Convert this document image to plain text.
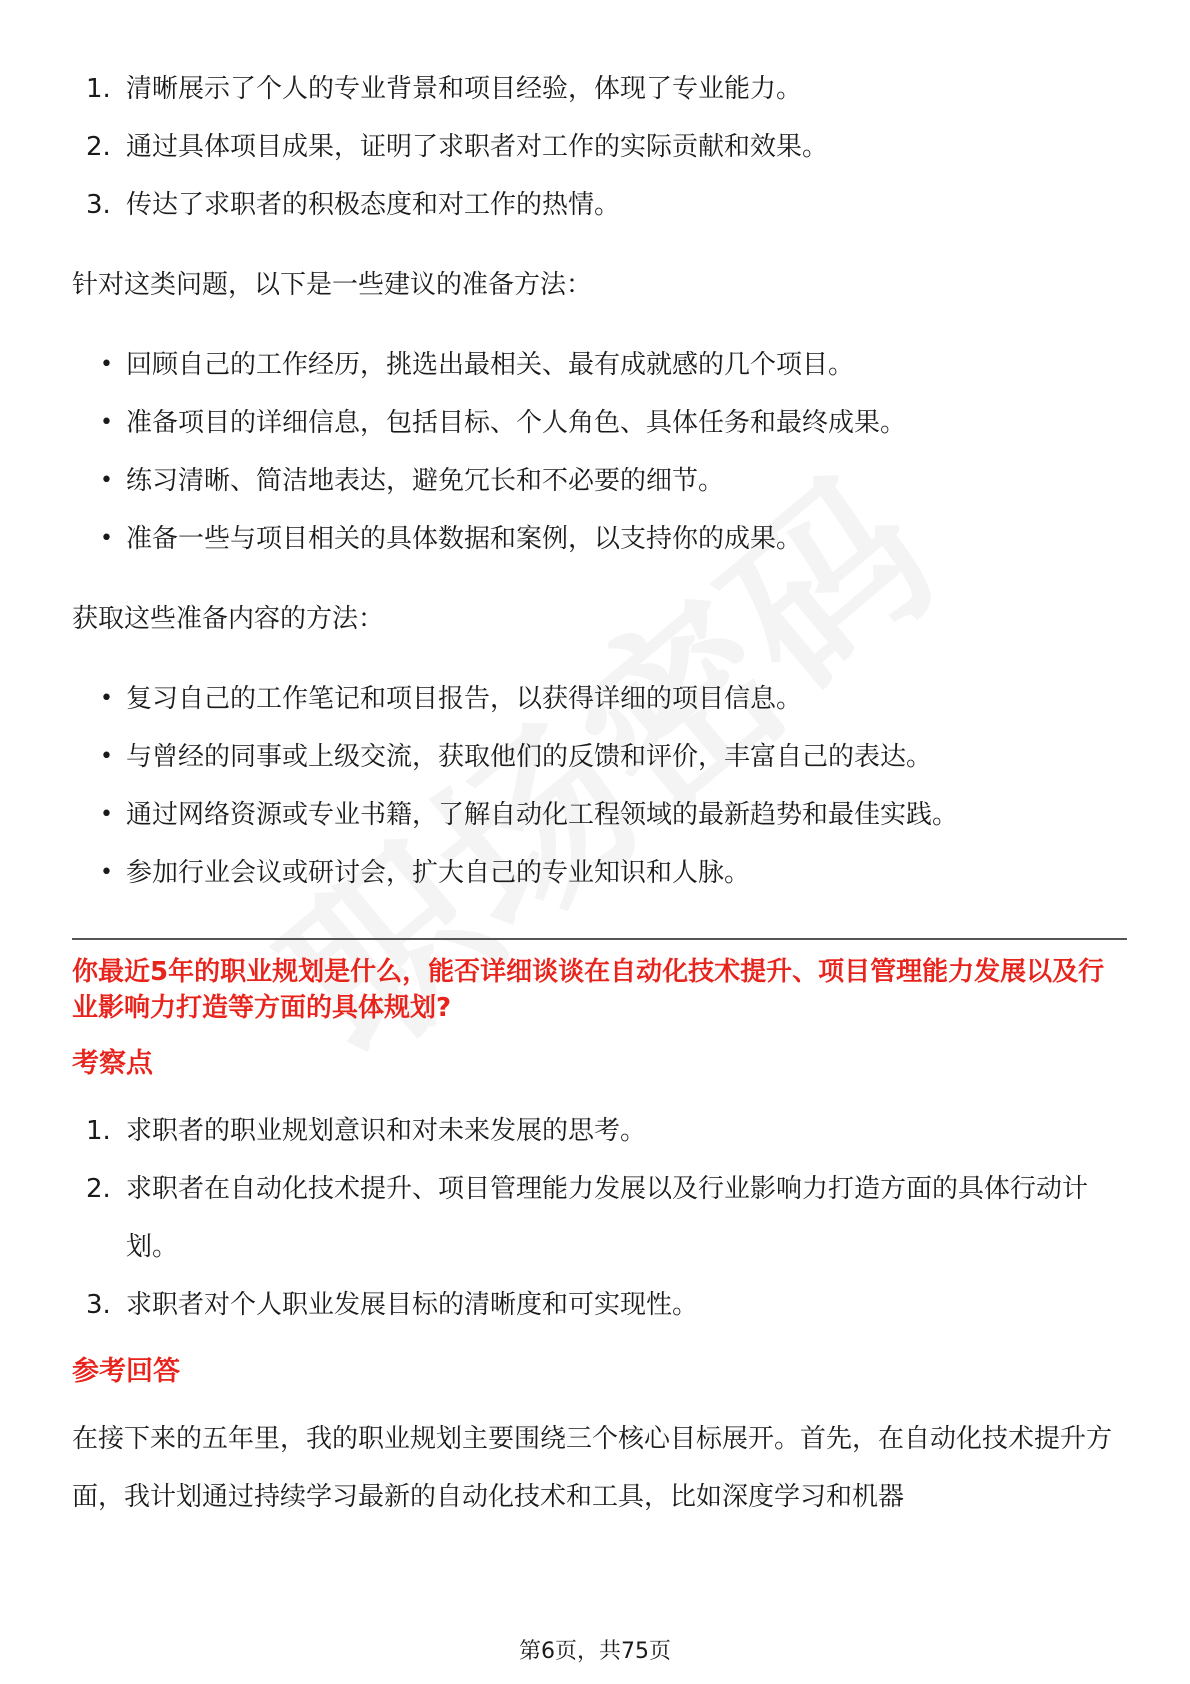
1. 清晰展示了个人的专业背景和项目经验，体现了专业能力。
2. 通过具体项目成果，证明了求职者对工作的实际贡献和效果。
3. 传达了求职者的积极态度和对工作的热情。

针对这类问题，以下是一些建议的准备方法：

• 回顾自己的工作经历，挑选出最相关、最有成就感的几个项目。
• 准备项目的详细信息，包括目标、个人角色、具体任务和最终成果。
• 练习清晰、简洁地表达，避免冗长和不必要的细节。
• 准备一些与项目相关的具体数据和案例，以支持你的成果。

获取这些准备内容的方法：

• 复习自己的工作笔记和项目报告，以获得详细的项目信息。
• 与曾经的同事或上级交流，获取他们的反馈和评价，丰富自己的表达。
• 通过网络资源或专业书籍，了解自动化工程领域的最新趋势和最佳实践。
• 参加行业会议或研讨会，扩大自己的专业知识和人脉。

你最近5年的职业规划是什么，能否详细谈谈在自动化技术提升、项目管理能力发展以及行业影响力打造等方面的具体规划?

考察点

1. 求职者的职业规划意识和对未来发展的思考。
2. 求职者在自动化技术提升、项目管理能力发展以及行业影响力打造方面的具体行动计划。
3. 求职者对个人职业发展目标的清晰度和可实现性。

参考回答

在接下来的五年里，我的职业规划主要围绕三个核心目标展开。首先，在自动化技术提升方面，我计划通过持续学习最新的自动化技术和工具，比如深度学习和机器

第6页，共75页
